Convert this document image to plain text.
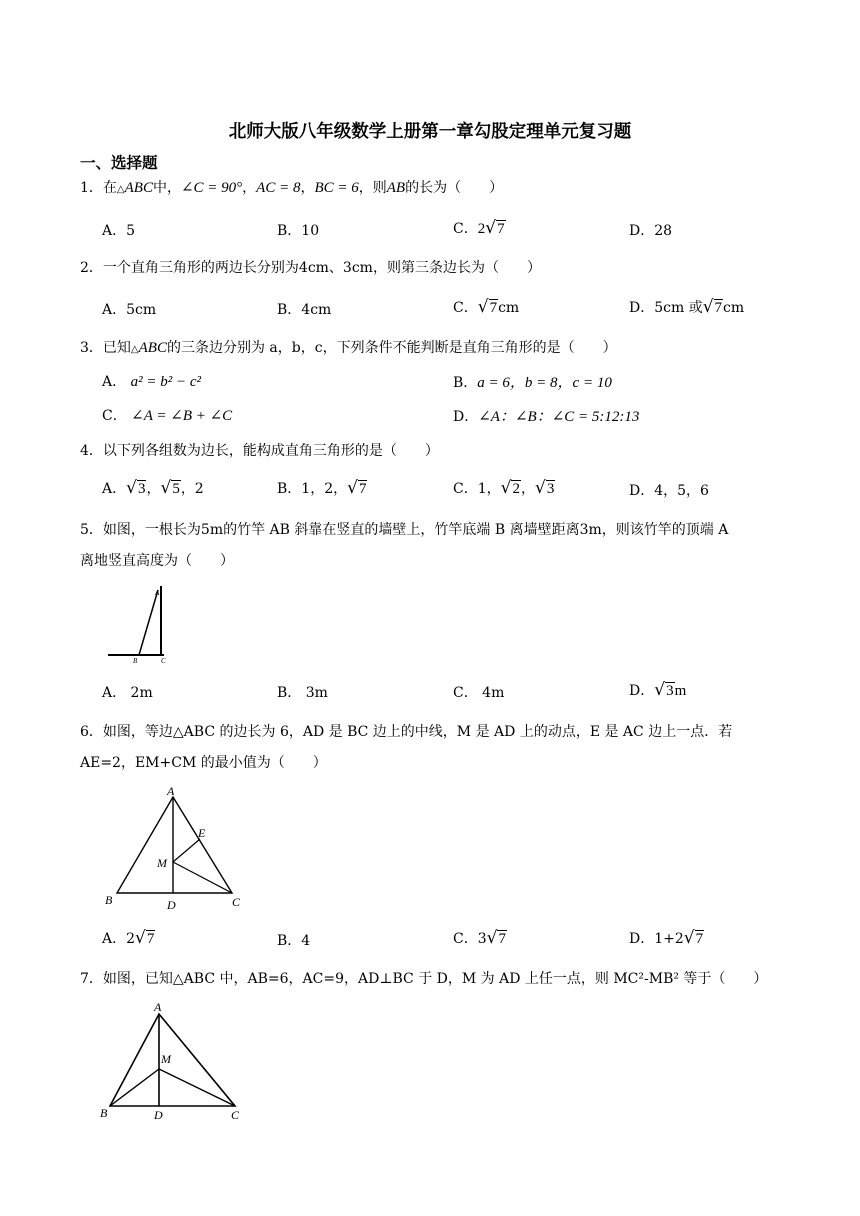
北师大版八年级数学上册第一章勾股定理单元复习题
一、选择题
1．在△ABC中，∠C = 90°，AC = 8，BC = 6，则AB的长为（　　）
A．5	B．10	C．2√7	D．28
2．一个直角三角形的两边长分别为4cm、3cm，则第三条边长为（　　）
A．5cm	B．4cm	C．√7cm	D．5cm 或√7cm
3．已知△ABC的三条边分别为 a，b，c，下列条件不能判断是直角三角形的是（　　）
A． a² = b² − c²	B．a = 6，b = 8，c = 10
C． ∠A = ∠B + ∠C	D．∠A：∠B：∠C = 5:12:13
4．以下列各组数为边长，能构成直角三角形的是（　　）
A．√3，√5，2	B．1，2，√7	C．1，√2，√3	D．4，5，6
5．如图，一根长为5m的竹竿 AB 斜靠在竖直的墙壁上，竹竿底端 B 离墙壁距离3m，则该竹竿的顶端 A
离地竖直高度为（　　）
A
B	C
A． 2m	B． 3m	C． 4m	D．√3m
6．如图，等边△ABC 的边长为 6，AD 是 BC 边上的中线，M 是 AD 上的动点，E 是 AC 边上一点．若
AE=2，EM+CM 的最小值为（　　）
A
B	C
D
E
M
A．2√7	B．4	C．3√7	D．1+2√7
7．如图，已知△ABC 中，AB=6，AC=9，AD⊥BC 于 D，M 为 AD 上任一点，则 MC²-MB² 等于（　　）
A
B	C
D
M
